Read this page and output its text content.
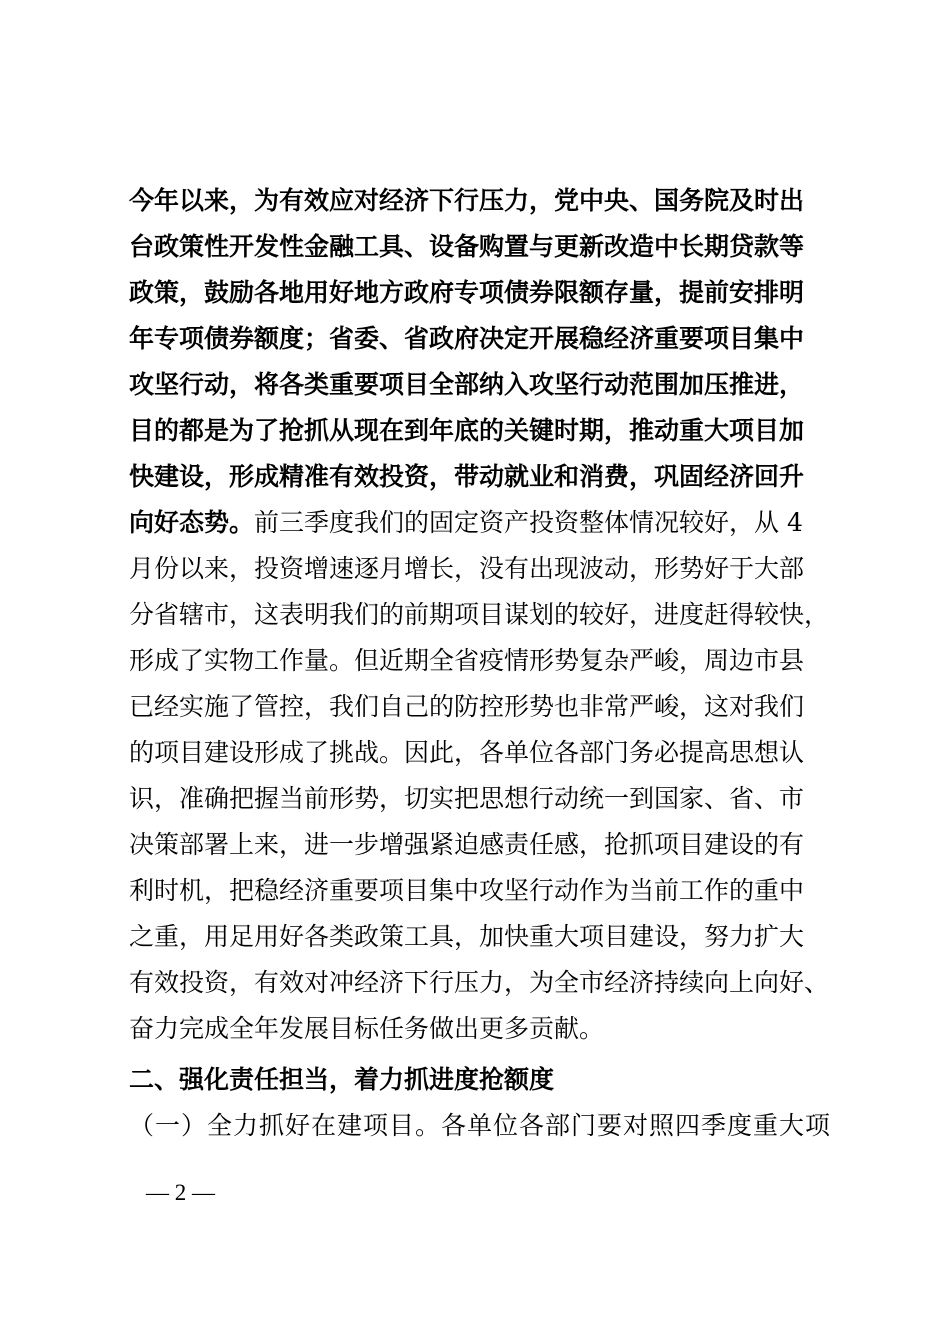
今年以来，为有效应对经济下行压力，党中央、国务院及时出
台政策性开发性金融工具、设备购置与更新改造中长期贷款等
政策，鼓励各地用好地方政府专项债券限额存量，提前安排明
年专项债券额度；省委、省政府决定开展稳经济重要项目集中
攻坚行动，将各类重要项目全部纳入攻坚行动范围加压推进，
目的都是为了抢抓从现在到年底的关键时期，推动重大项目加
快建设，形成精准有效投资，带动就业和消费，巩固经济回升
向好态势。前三季度我们的固定资产投资整体情况较好，从 4
月份以来，投资增速逐月增长，没有出现波动，形势好于大部
分省辖市，这表明我们的前期项目谋划的较好，进度赶得较快，
形成了实物工作量。但近期全省疫情形势复杂严峻，周边市县
已经实施了管控，我们自己的防控形势也非常严峻，这对我们
的项目建设形成了挑战。因此，各单位各部门务必提高思想认
识，准确把握当前形势，切实把思想行动统一到国家、省、市
决策部署上来，进一步增强紧迫感责任感，抢抓项目建设的有
利时机，把稳经济重要项目集中攻坚行动作为当前工作的重中
之重，用足用好各类政策工具，加快重大项目建设，努力扩大
有效投资，有效对冲经济下行压力，为全市经济持续向上向好、
奋力完成全年发展目标任务做出更多贡献。
二、强化责任担当，着力抓进度抢额度
（一）全力抓好在建项目。各单位各部门要对照四季度重大项
— 2 —
